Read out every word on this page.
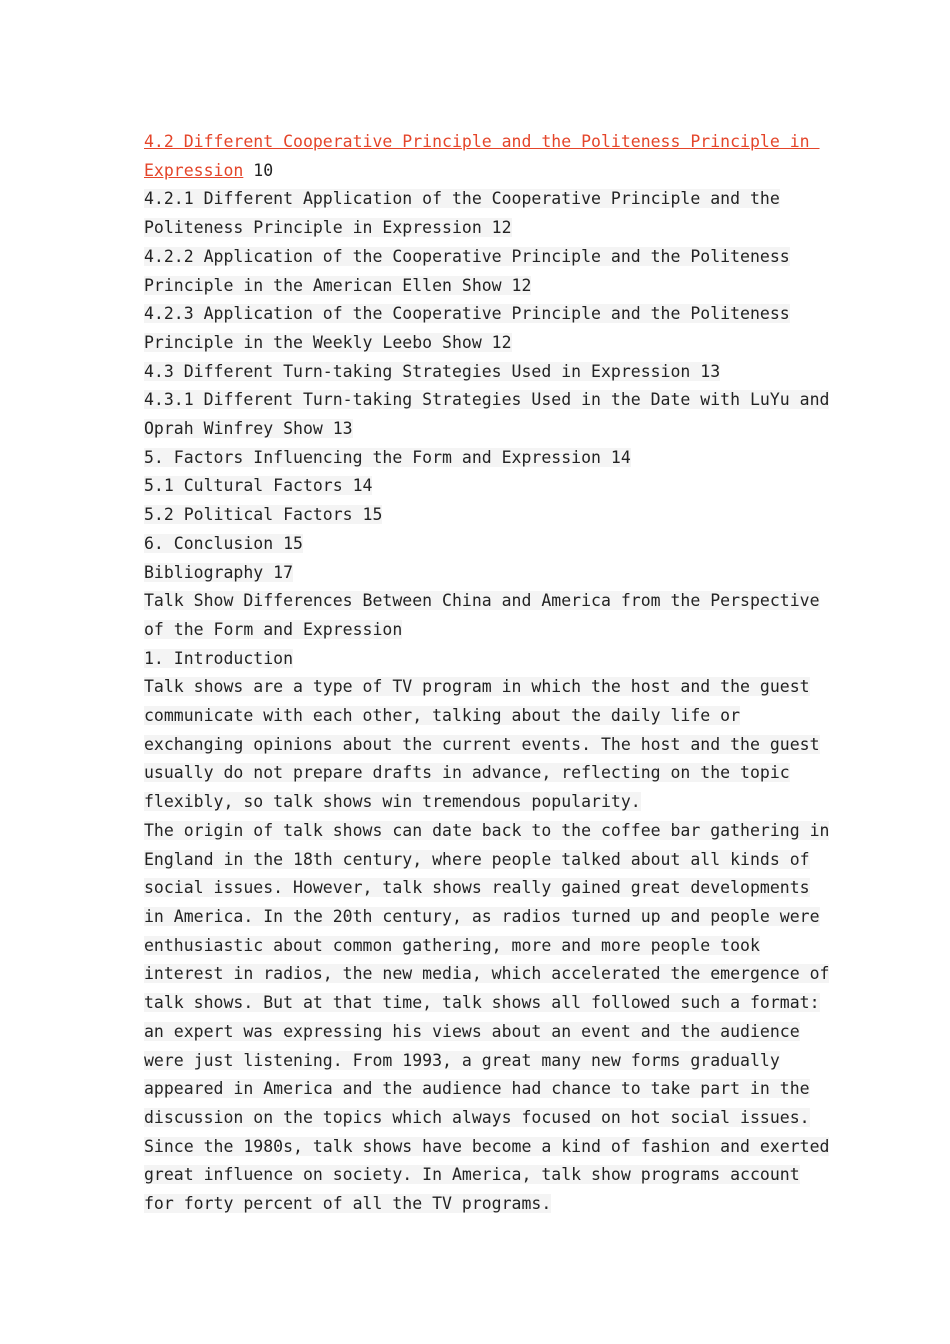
4.2 Different Cooperative Principle and the Politeness Principle in
Expression 10
4.2.1 Different Application of the Cooperative Principle and the
Politeness Principle in Expression 12
4.2.2 Application of the Cooperative Principle and the Politeness
Principle in the American Ellen Show 12
4.2.3 Application of the Cooperative Principle and the Politeness
Principle in the Weekly Leebo Show 12
4.3 Different Turn-taking Strategies Used in Expression 13
4.3.1 Different Turn-taking Strategies Used in the Date with LuYu and
Oprah Winfrey Show 13
5. Factors Influencing the Form and Expression 14
5.1 Cultural Factors 14
5.2 Political Factors 15
6. Conclusion 15
Bibliography 17
Talk Show Differences Between China and America from the Perspective
of the Form and Expression
1. Introduction
Talk shows are a type of TV program in which the host and the guest
communicate with each other, talking about the daily life or
exchanging opinions about the current events. The host and the guest
usually do not prepare drafts in advance, reflecting on the topic
flexibly, so talk shows win tremendous popularity.
The origin of talk shows can date back to the coffee bar gathering in
England in the 18th century, where people talked about all kinds of
social issues. However, talk shows really gained great developments
in America. In the 20th century, as radios turned up and people were
enthusiastic about common gathering, more and more people took
interest in radios, the new media, which accelerated the emergence of
talk shows. But at that time, talk shows all followed such a format:
an expert was expressing his views about an event and the audience
were just listening. From 1993, a great many new forms gradually
appeared in America and the audience had chance to take part in the
discussion on the topics which always focused on hot social issues.
Since the 1980s, talk shows have become a kind of fashion and exerted
great influence on society. In America, talk show programs account
for forty percent of all the TV programs.
